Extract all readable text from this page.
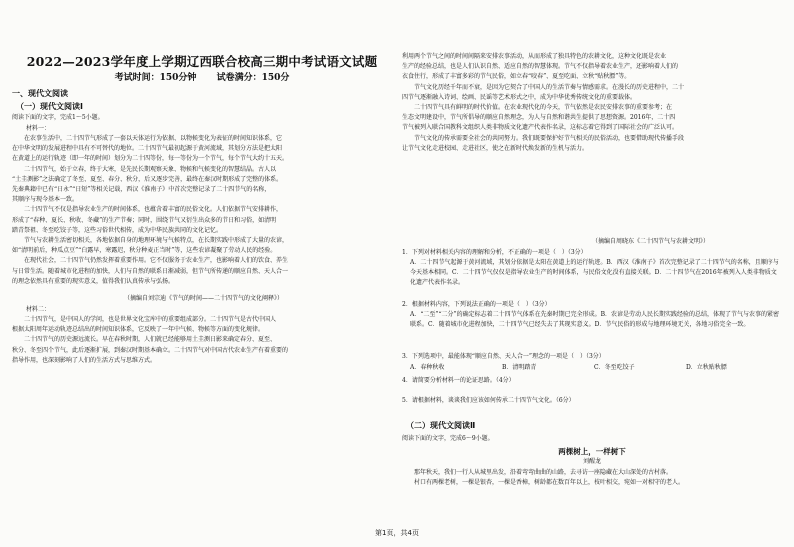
2022—2023学年度上学期辽西联合校高三期中考试语文试题
考试时间：150分钟 试卷满分：150分
一、现代文阅读
（一）现代文阅读Ⅰ
阅读下面的文字，完成1～5小题。
材料一：
　　在农事生活中，二十四节气形成了一套以天体运行为依据、以物候变化为表征的时间知识体系，它
在中华文明的发展进程中具有不可替代的地位。二十四节气最初起源于黄河流域，其划分方法是把太阳
在黄道上的运行轨迹（即一年的时间）划分为二十四等份，每一等份为一个节气，每个节气大约十五天。
　　二十四节气，始于立春，终于大寒，是先民长期观察天象、物候和气候变化的智慧结晶。古人以
“土圭测影”之法确定了冬至、夏至、春分、秋分，后又逐步完善，最终在秦汉时期形成了完整的体系。
先秦典籍中已有“日永”“日短”等相关记载，西汉《淮南子》中首次完整记录了二十四节气的名称，
其顺序与现今基本一致。
　　二十四节气不仅是指导农业生产的时间体系，也蕴含着丰富的民俗文化。人们依据节气安排耕作，
形成了“春种、夏长、秋收、冬藏”的生产节奏；同时，围绕节气又衍生出众多的节日和习俗，如清明
踏青祭祖、冬至吃饺子等，这些习俗世代相传，成为中华民族共同的文化记忆。
　　节气与农耕生活密切相关，各地依据自身的地理环境与气候特点，在长期实践中形成了大量的农谚，
如“清明前后，种瓜点豆”“白露早，寒露迟，秋分种麦正当时”等，这些农谚凝聚了劳动人民的经验。
　　在现代社会，二十四节气仍然发挥着重要作用。它不仅服务于农业生产，也影响着人们的饮食、养生
与日常生活。随着城市化进程的加快，人们与自然的联系日渐减弱，但节气所传递的顺应自然、天人合一
的理念依然具有重要的现实意义，值得我们认真传承与弘扬。
（摘编自刘宗迪《节气的时间——二十四节气的文化阐释》）
材料二：
　　二十四节气，是中国人的学问，也是世界文化宝库中的重要组成部分。二十四节气是古代中国人
根据太阳周年运动轨迹总结出的时间知识体系，它反映了一年中气候、物候等方面的变化规律。
　　二十四节气的历史源远流长。早在春秋时期，人们就已经能够用土圭测日影来确定春分、夏至、
秋分、冬至四个节气，此后逐渐扩展，到秦汉时期基本确立。二十四节气对中国古代农业生产有着重要的
指导作用，也深刻影响了人们的生活方式与思维方式。
利用两个节气之间的时间间隔来安排农事活动，从而形成了独具特色的农耕文化，这种文化既是农业
生产的经验总结，也是人们认识自然、适应自然的智慧体现。节气不仅指导着农业生产，还影响着人们的
衣食住行，形成了丰富多彩的节气民俗，如立春“咬春”、夏至吃面、立秋“贴秋膘”等。
　　节气文化历经千年而不衰，是因为它契合了中国人的生活节奏与情感需求。在漫长的历史进程中，二十
四节气逐渐融入诗词、绘画、民谣等艺术形式之中，成为中华优秀传统文化的重要载体。
　　二十四节气具有鲜明的时代价值。在农业现代化的今天，节气依然是农民安排农事的重要参考；在
生态文明建设中，节气所倡导的顺应自然理念，为人与自然和谐共生提供了思想资源。2016年，二十四
节气被列入联合国教科文组织人类非物质文化遗产代表作名录，这标志着它得到了国际社会的广泛认可。
　　节气文化的传承需要全社会的共同努力。我们既要保护好节气相关的民俗活动，也要借助现代传播手段
让节气文化走进校园、走进社区，使之在新时代焕发新的生机与活力。
（摘编自周晓东《二十四节气与农耕文明》）
1．下列对材料相关内容的理解和分析，不正确的一项是（　）（3分）
A．二十四节气起源于黄河流域，其划分依据是太阳在黄道上的运行轨迹。B．西汉《淮南子》首次完整记录了二十四节气的名称，且顺序与今天基本相同。C．二十四节气仅仅是指导农业生产的时间体系，与民俗文化没有直接关联。D．二十四节气在2016年被列入人类非物质文化遗产代表作名录。
2．根据材料内容，下列说法正确的一项是（　）（3分）
A．“二至”“二分”的确定标志着二十四节气体系在先秦时期已完全形成。B．农谚是劳动人民长期实践经验的总结，体现了节气与农事的紧密联系。C．随着城市化进程加快，二十四节气已经失去了其现实意义。D．节气民俗的形成与地理环境无关，各地习俗完全一致。
3．下列选项中，最能体现“顺应自然、天人合一”理念的一项是（　）（3分）
A．春种秋收	B．清明踏青	C．冬至吃饺子	D．立秋贴秋膘
4．请简要分析材料一的论证思路。（4分）
5．请根据材料，谈谈我们应该如何传承二十四节气文化。（6分）
（二）现代文阅读Ⅱ
阅读下面的文字，完成6～9小题。
两棵树上，一样树下
刘醒龙
　　那年秋天，我们一行人从城里出发，沿着弯弯曲曲的山路，去寻访一座隐藏在大山深处的古村落。
　　村口有两棵老树，一棵是银杏，一棵是香樟，树龄都在数百年以上，枝叶相交，宛如一对相守的老人。
第1页，共4页
